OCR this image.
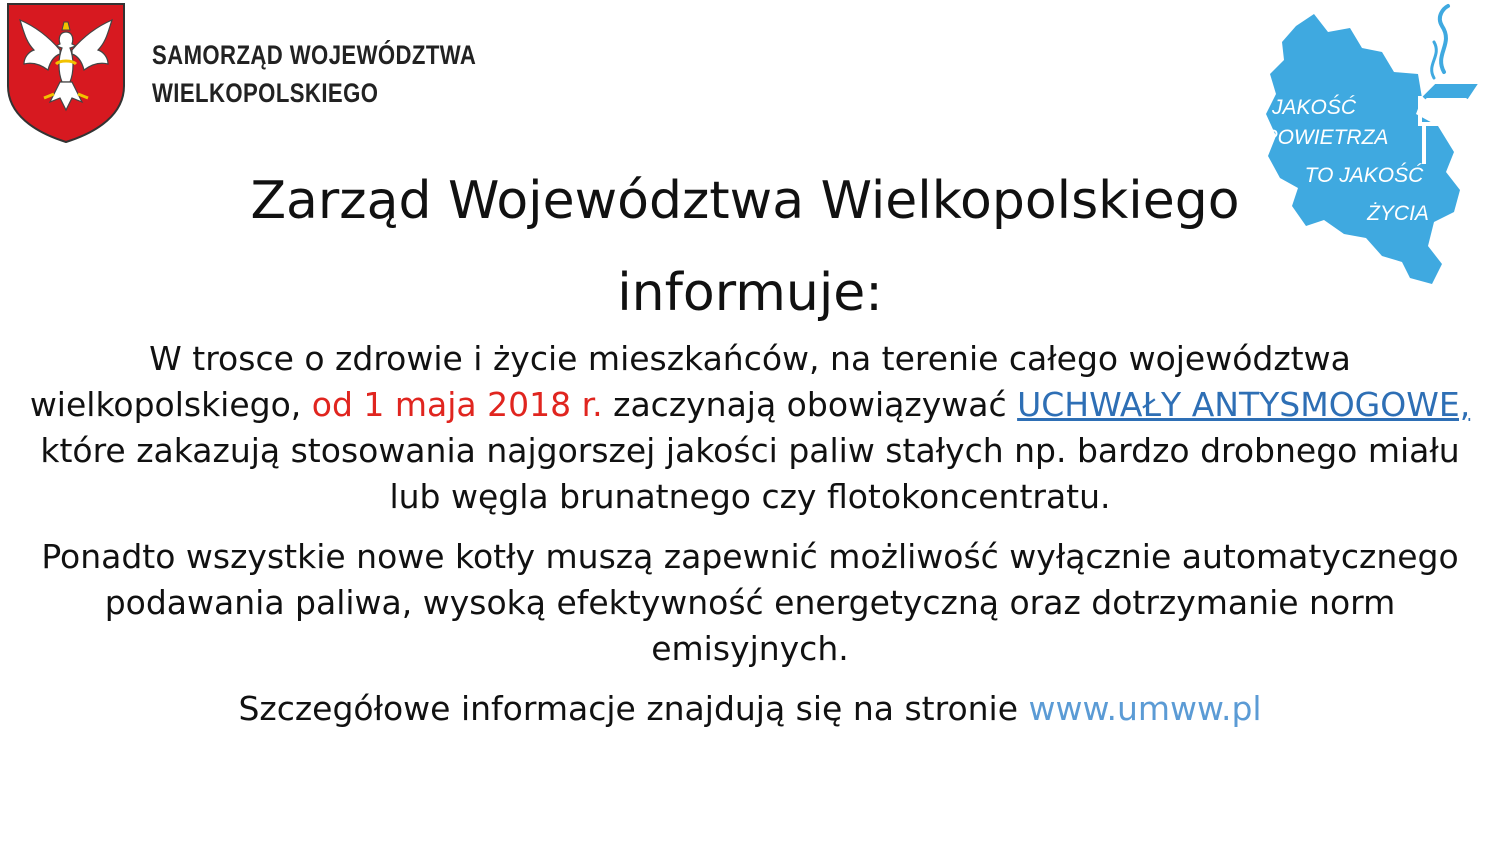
SAMORZĄD WOJEWÓDZTWA
WIELKOPOLSKIEGO	JAKOŚĆ
POWIETRZA
TO JAKOŚĆ
ŻYCIA
Zarząd Województwa Wielkopolskiego
informuje:

W trosce o zdrowie i życie mieszkańców, na terenie całego województwa wielkopolskiego, od 1 maja 2018 r. zaczynają obowiązywać UCHWAŁY ANTYSMOGOWE, które zakazują stosowania najgorszej jakości paliw stałych np. bardzo drobnego miału lub węgla brunatnego czy flotokoncentratu.

Ponadto wszystkie nowe kotły muszą zapewnić możliwość wyłącznie automatycznego podawania paliwa, wysoką efektywność energetyczną oraz dotrzymanie norm emisyjnych.

Szczegółowe informacje znajdują się na stronie www.umww.pl
